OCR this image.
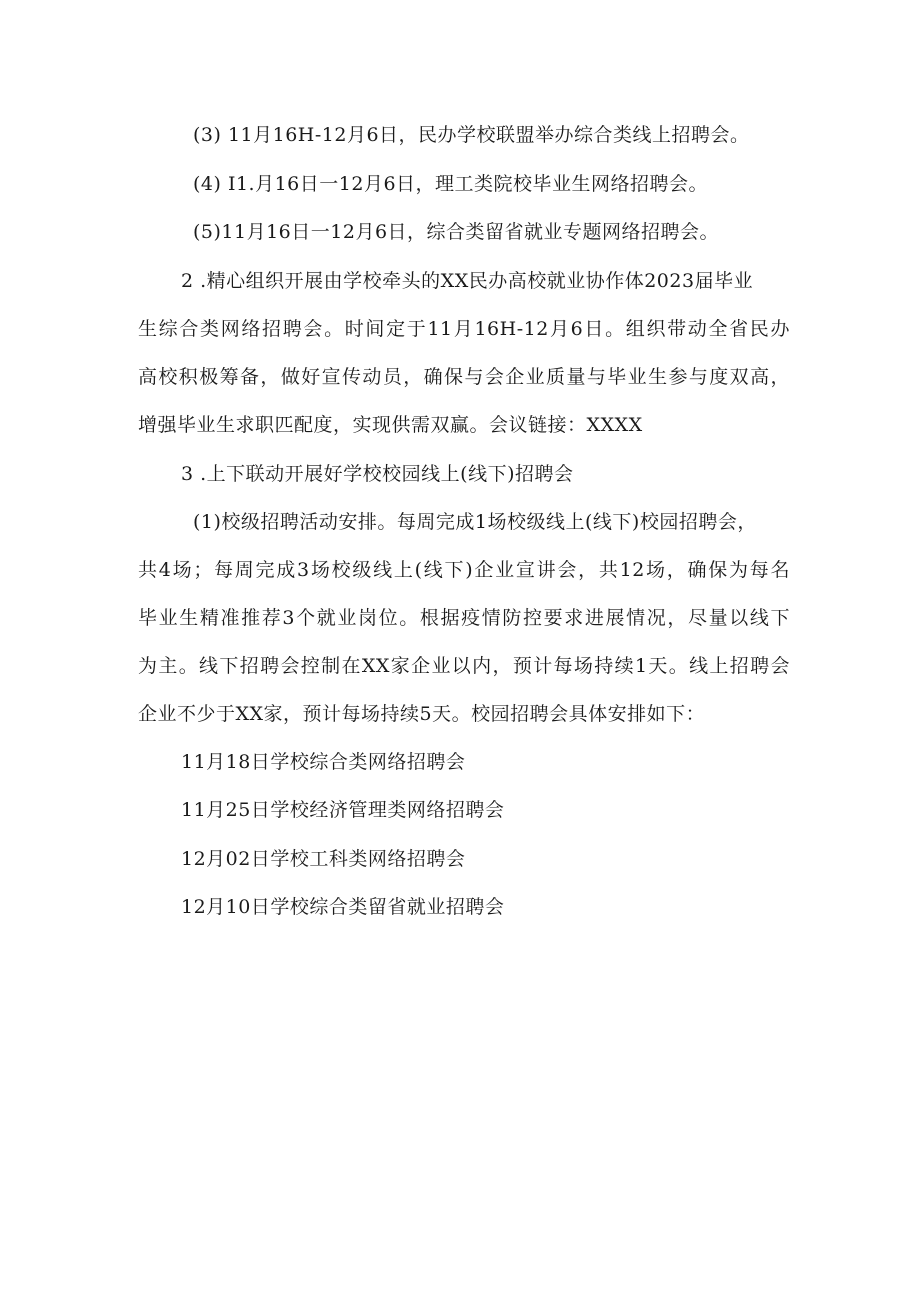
(3) 11月16H-12月6日，民办学校联盟举办综合类线上招聘会。
(4) I1.月16日一12月6日，理工类院校毕业生网络招聘会。
(5)11月16日一12月6日，综合类留省就业专题网络招聘会。
2 .精心组织开展由学校牵头的XX民办高校就业协作体2023届毕业
生综合类网络招聘会。时间定于11月16H-12月6日。组织带动全省民办
高校积极筹备，做好宣传动员，确保与会企业质量与毕业生参与度双高，
增强毕业生求职匹配度，实现供需双赢。会议链接：XXXX
3 .上下联动开展好学校校园线上(线下)招聘会
(1)校级招聘活动安排。每周完成1场校级线上(线下)校园招聘会，
共4场；每周完成3场校级线上(线下)企业宣讲会，共12场，确保为每名
毕业生精准推荐3个就业岗位。根据疫情防控要求进展情况，尽量以线下
为主。线下招聘会控制在XX家企业以内，预计每场持续1天。线上招聘会
企业不少于XX家，预计每场持续5天。校园招聘会具体安排如下：
11月18日学校综合类网络招聘会
11月25日学校经济管理类网络招聘会
12月02日学校工科类网络招聘会
12月10日学校综合类留省就业招聘会
